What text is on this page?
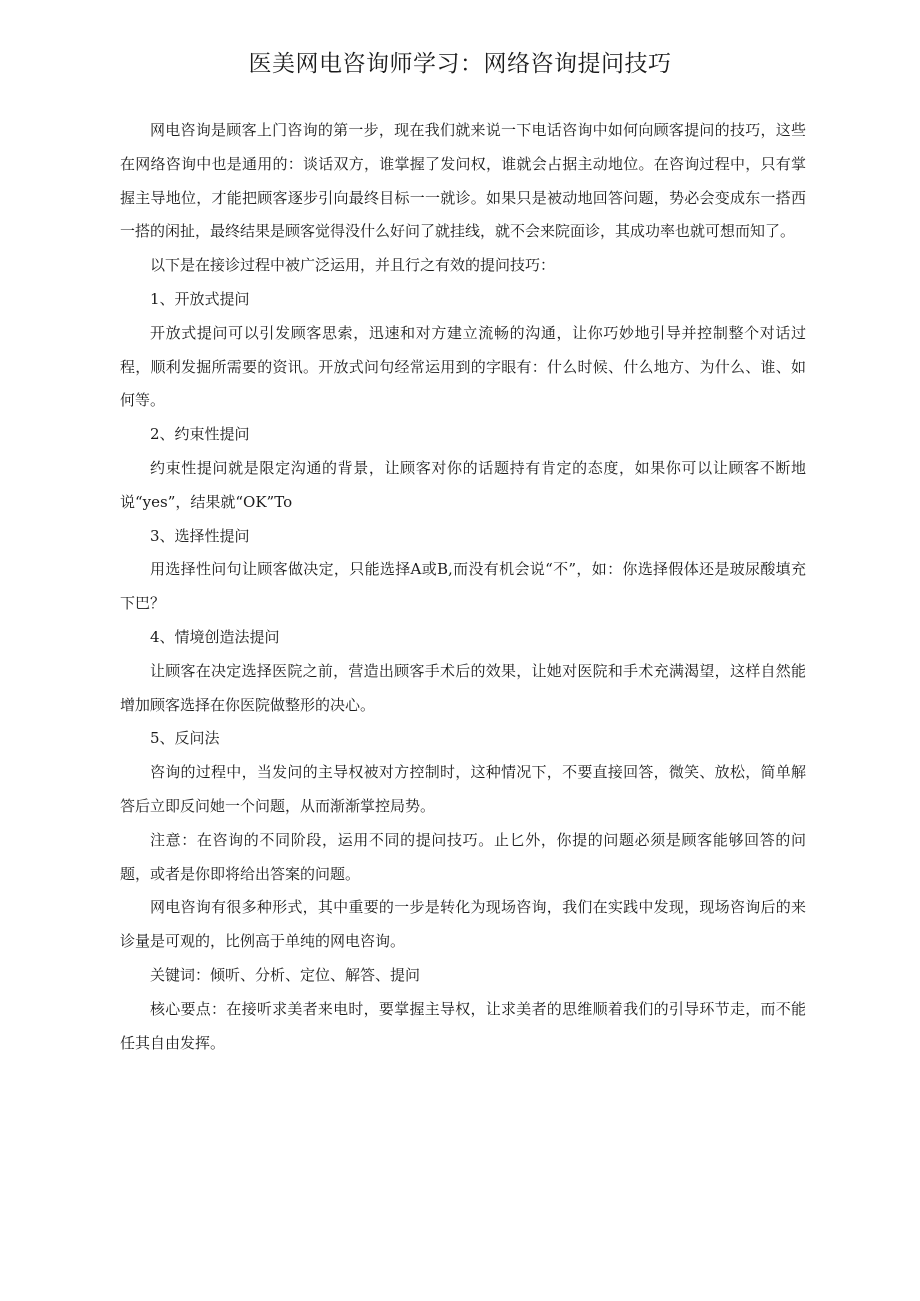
医美网电咨询师学习：网络咨询提问技巧

网电咨询是顾客上门咨询的第一步，现在我们就来说一下电话咨询中如何向顾客提问的技巧，这些在网络咨询中也是通用的：谈话双方，谁掌握了发问权，谁就会占据主动地位。在咨询过程中，只有掌握主导地位，才能把顾客逐步引向最终目标一一就诊。如果只是被动地回答问题，势必会变成东一搭西一搭的闲扯，最终结果是顾客觉得没什么好问了就挂线，就不会来院面诊，其成功率也就可想而知了。

以下是在接诊过程中被广泛运用，并且行之有效的提问技巧：

1、开放式提问

开放式提问可以引发顾客思索，迅速和对方建立流畅的沟通，让你巧妙地引导并控制整个对话过程，顺利发掘所需要的资讯。开放式问句经常运用到的字眼有：什么时候、什么地方、为什么、谁、如何等。

2、约束性提问

约束性提问就是限定沟通的背景，让顾客对你的话题持有肯定的态度，如果你可以让顾客不断地说“yes”，结果就“OK”To

3、选择性提问

用选择性问句让顾客做决定，只能选择A或B,而没有机会说“不”，如：你选择假体还是玻尿酸填充下巴？

4、情境创造法提问

让顾客在决定选择医院之前，营造出顾客手术后的效果，让她对医院和手术充满渴望，这样自然能增加顾客选择在你医院做整形的决心。

5、反问法

咨询的过程中，当发问的主导权被对方控制时，这种情况下，不要直接回答，微笑、放松，简单解答后立即反问她一个问题，从而渐渐掌控局势。

注意：在咨询的不同阶段，运用不同的提问技巧。止匕外，你提的问题必须是顾客能够回答的问题，或者是你即将给出答案的问题。

网电咨询有很多种形式，其中重要的一步是转化为现场咨询，我们在实践中发现，现场咨询后的来诊量是可观的，比例高于单纯的网电咨询。

关键词：倾听、分析、定位、解答、提问

核心要点：在接听求美者来电时，要掌握主导权，让求美者的思维顺着我们的引导环节走，而不能任其自由发挥。
